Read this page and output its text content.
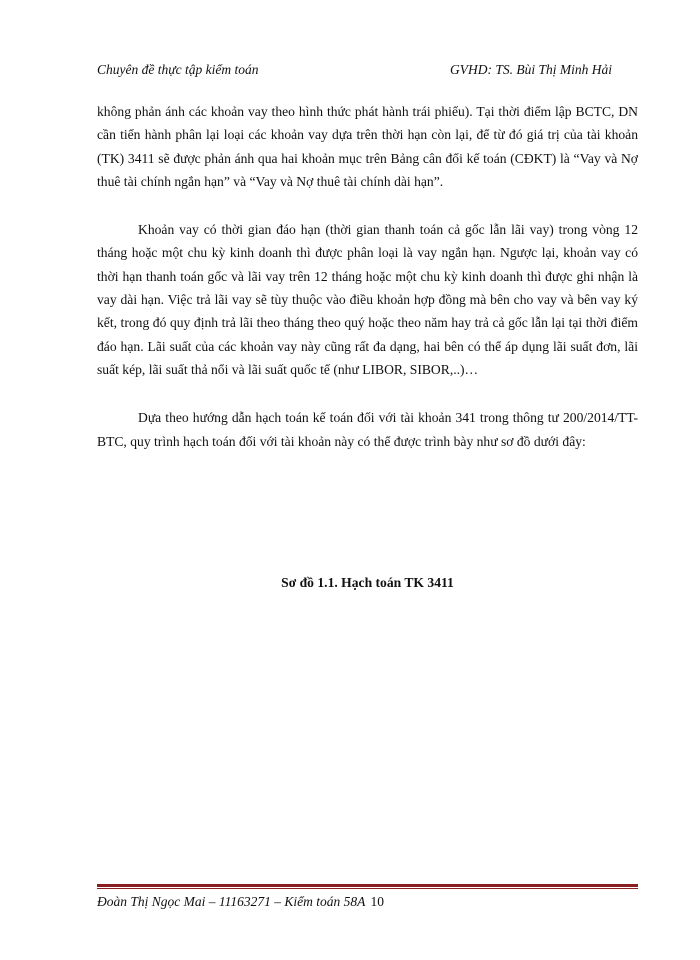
Chuyên đề thực tập kiểm toán	GVHD: TS. Bùi Thị Minh Hải

không phản ánh các khoản vay theo hình thức phát hành trái phiếu). Tại thời điểm lập BCTC, DN cần tiến hành phân lại loại các khoản vay dựa trên thời hạn còn lại, để từ đó giá trị của tài khoản (TK) 3411 sẽ được phản ánh qua hai khoản mục trên Bảng cân đối kế toán (CĐKT) là “Vay và Nợ thuê tài chính ngắn hạn” và “Vay và Nợ thuê tài chính dài hạn”.

Khoản vay có thời gian đáo hạn (thời gian thanh toán cả gốc lẫn lãi vay) trong vòng 12 tháng hoặc một chu kỳ kinh doanh thì được phân loại là vay ngắn hạn. Ngược lại, khoản vay có thời hạn thanh toán gốc và lãi vay trên 12 tháng hoặc một chu kỳ kinh doanh thì được ghi nhận là vay dài hạn. Việc trả lãi vay sẽ tùy thuộc vào điều khoản hợp đồng mà bên cho vay và bên vay ký kết, trong đó quy định trả lãi theo tháng theo quý hoặc theo năm hay trả cả gốc lẫn lại tại thời điểm đáo hạn. Lãi suất của các khoản vay này cũng rất đa dạng, hai bên có thể áp dụng lãi suất đơn, lãi suất kép, lãi suất thả nổi và lãi suất quốc tế (như LIBOR, SIBOR,..)…

Dựa theo hướng dẫn hạch toán kế toán đối với tài khoản 341 trong thông tư 200/2014/TT-BTC, quy trình hạch toán đối với tài khoản này có thể được trình bày như sơ đồ dưới đây:

Sơ đồ 1.1. Hạch toán TK 3411
Đoàn Thị Ngọc Mai – 11163271 – Kiểm toán 58A 10
